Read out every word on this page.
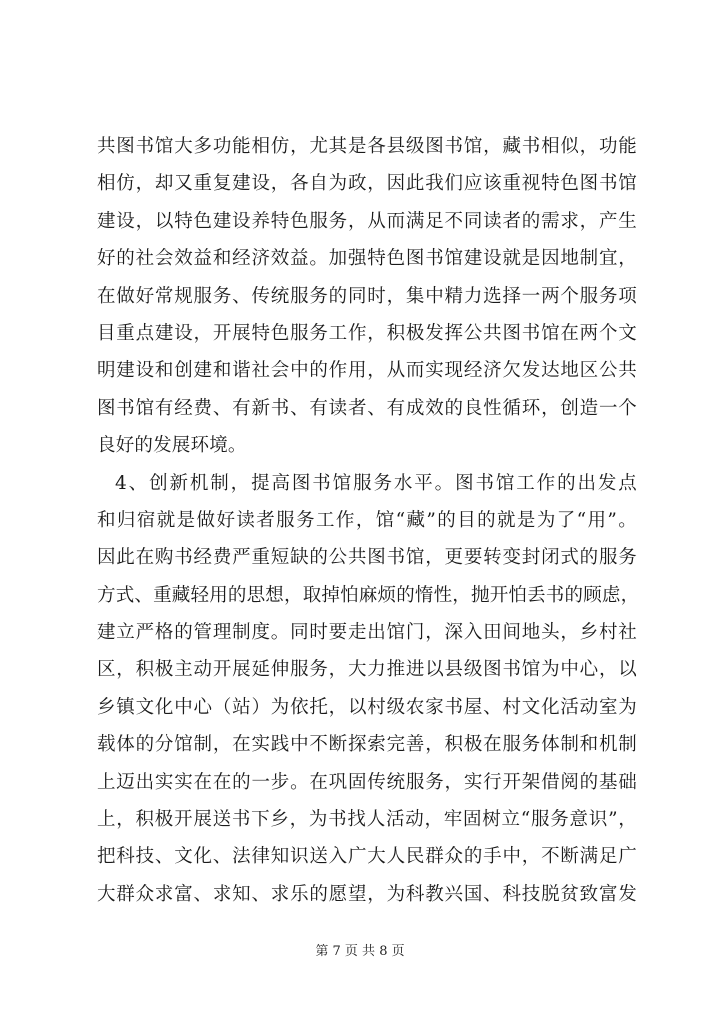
共图书馆大多功能相仿，尤其是各县级图书馆，藏书相似，功能
相仿，却又重复建设，各自为政，因此我们应该重视特色图书馆
建设，以特色建设养特色服务，从而满足不同读者的需求，产生
好的社会效益和经济效益。加强特色图书馆建设就是因地制宜，
在做好常规服务、传统服务的同时，集中精力选择一两个服务项
目重点建设，开展特色服务工作，积极发挥公共图书馆在两个文
明建设和创建和谐社会中的作用，从而实现经济欠发达地区公共
图书馆有经费、有新书、有读者、有成效的良性循环，创造一个
良好的发展环境。
4、创新机制，提高图书馆服务水平。图书馆工作的出发点
和归宿就是做好读者服务工作，馆“藏”的目的就是为了“用”。
因此在购书经费严重短缺的公共图书馆，更要转变封闭式的服务
方式、重藏轻用的思想，取掉怕麻烦的惰性，抛开怕丢书的顾虑，
建立严格的管理制度。同时要走出馆门，深入田间地头，乡村社
区，积极主动开展延伸服务，大力推进以县级图书馆为中心，以
乡镇文化中心（站）为依托，以村级农家书屋、村文化活动室为
载体的分馆制，在实践中不断探索完善，积极在服务体制和机制
上迈出实实在在的一步。在巩固传统服务，实行开架借阅的基础
上，积极开展送书下乡，为书找人活动，牢固树立“服务意识”，
把科技、文化、法律知识送入广大人民群众的手中，不断满足广
大群众求富、求知、求乐的愿望，为科教兴国、科技脱贫致富发
第 7 页 共 8 页
